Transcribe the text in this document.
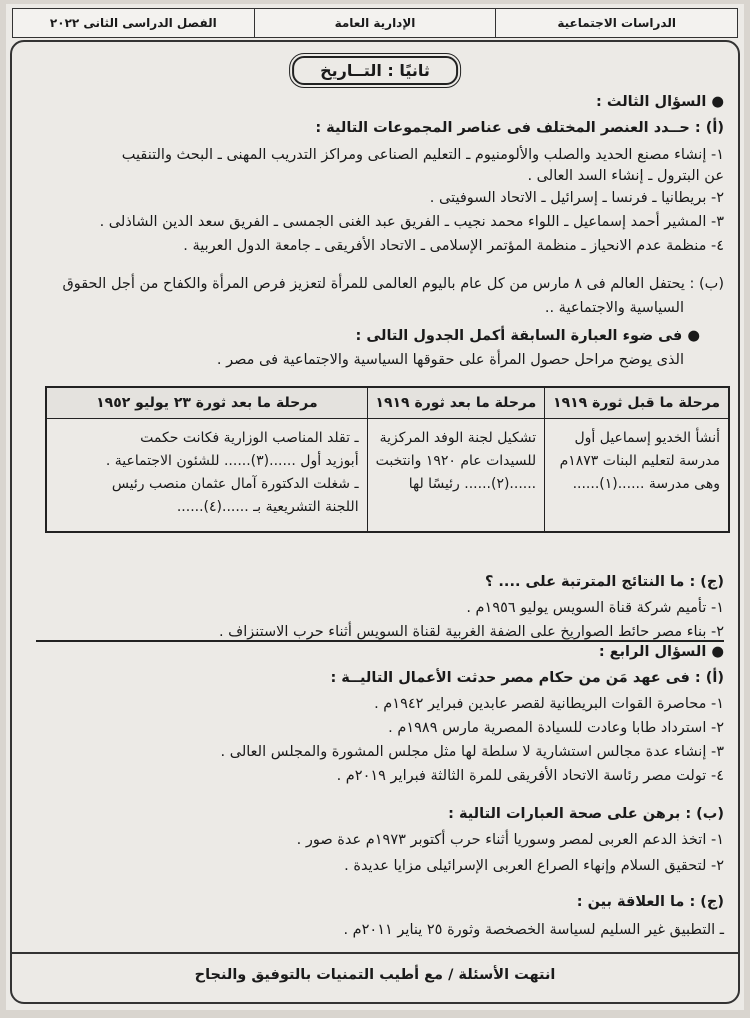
الدراسات الاجتماعية
الإدارية العامة
الفصل الدراسى الثانى ٢٠٢٢
ثانيًا : التــاريخ
● السؤال الثالث :
(أ) : حــدد العنصر المختلف فى عناصر المجموعات التالية :
١- إنشاء مصنع الحديد والصلب والألومنيوم ـ التعليم الصناعى ومراكز التدريب المهنى ـ البحث والتنقيب
عن البترول ـ إنشاء السد العالى .
٢- بريطانيا ـ فرنسا ـ إسرائيل ـ الاتحاد السوفيتى .
٣- المشير أحمد إسماعيل ـ اللواء محمد نجيب ـ الفريق عبد الغنى الجمسى ـ الفريق سعد الدين الشاذلى .
٤- منظمة عدم الانحياز ـ منظمة المؤتمر الإسلامى ـ الاتحاد الأفريقى ـ جامعة الدول العربية .
(ب) : يحتفل العالم فى ٨ مارس من كل عام باليوم العالمى للمرأة لتعزيز فرص المرأة والكفاح من أجل الحقوق
السياسية والاجتماعية ..
● فى ضوء العبارة السابقة أكمل الجدول التالى :
الذى يوضح مراحل حصول المرأة على حقوقها السياسية والاجتماعية فى مصر .
مرحلة ما قبل ثورة ١٩١٩	مرحلة ما بعد ثورة ١٩١٩	مرحلة ما بعد ثورة ٢٣ يوليو ١٩٥٢

أنشأ الخديو إسماعيل أول
مدرسة لتعليم البنات ١٨٧٣م
وهى مدرسة ......(١)......	تشكيل لجنة الوفد المركزية
للسيدات عام ١٩٢٠ وانتخبت
......(٢)...... رئيسًا لها	ـ تقلد المناصب الوزارية فكانت حكمت
أبوزيد أول ......(٣)...... للشئون الاجتماعية .
ـ شغلت الدكتورة آمال عثمان منصب رئيس
اللجنة التشريعية بـ ......(٤)......
(ج) : ما النتائج المترتبة على .... ؟
١- تأميم شركة قناة السويس يوليو ١٩٥٦م .
٢- بناء مصر حائط الصواريخ على الضفة الغربية لقناة السويس أثناء حرب الاستنزاف .
● السؤال الرابع :
(أ) : فى عهد مَن من حكام مصر حدثت الأعمال التاليــة :
١- محاصرة القوات البريطانية لقصر عابدين فبراير ١٩٤٢م .
٢- استرداد طابا وعادت للسيادة المصرية مارس ١٩٨٩م .
٣- إنشاء عدة مجالس استشارية لا سلطة لها مثل مجلس المشورة والمجلس العالى .
٤- تولت مصر رئاسة الاتحاد الأفريقى للمرة الثالثة فبراير ٢٠١٩م .
(ب) : برهن على صحة العبارات التالية :
١- اتخذ الدعم العربى لمصر وسوريا أثناء حرب أكتوبر ١٩٧٣م عدة صور .
٢- لتحقيق السلام وإنهاء الصراع العربى الإسرائيلى مزايا عديدة .
(ج) : ما العلاقة بين :
ـ التطبيق غير السليم لسياسة الخصخصة وثورة ٢٥ يناير ٢٠١١م .
انتهت الأسئلة / مع أطيب التمنيات بالتوفيق والنجاح
